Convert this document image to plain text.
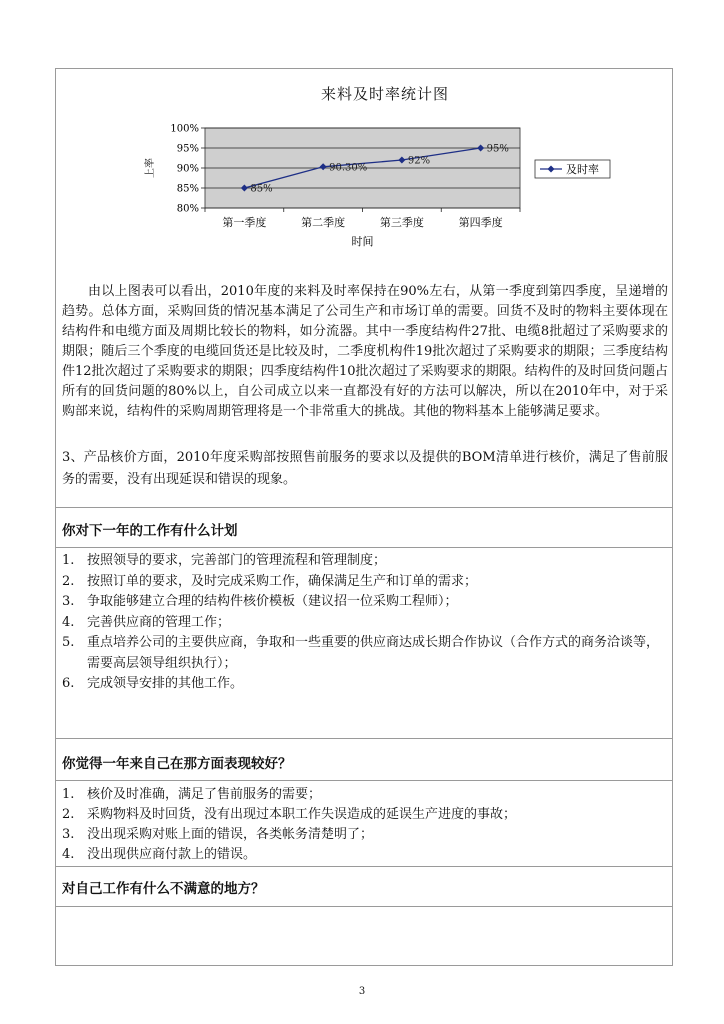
来料及时率统计图
100%
95%
90%
85%
80%
第一季度	第二季度	第三季度	第四季度
时间
上率
85%
90.30%
92%
95%
及时率

由以上图表可以看出，2010年度的来料及时率保持在90%左右，从第一季度到第四季度，呈递增的趋势。总体方面，采购回货的情况基本满足了公司生产和市场订单的需要。回货不及时的物料主要体现在结构件和电缆方面及周期比较长的物料，如分流器。其中一季度结构件27批、电缆8批超过了采购要求的期限；随后三个季度的电缆回货还是比较及时，二季度机构件19批次超过了采购要求的期限；三季度结构件12批次超过了采购要求的期限；四季度结构件10批次超过了采购要求的期限。结构件的及时回货问题占所有的回货问题的80%以上，自公司成立以来一直都没有好的方法可以解决，所以在2010年中，对于采购部来说，结构件的采购周期管理将是一个非常重大的挑战。其他的物料基本上能够满足要求。

3、产品核价方面，2010年度采购部按照售前服务的要求以及提供的BOM清单进行核价，满足了售前服务的需要，没有出现延误和错误的现象。

你对下一年的工作有什么计划
1. 按照领导的要求，完善部门的管理流程和管理制度；
2. 按照订单的要求，及时完成采购工作，确保满足生产和订单的需求；
3. 争取能够建立合理的结构件核价模板（建议招一位采购工程师）；
4. 完善供应商的管理工作；
5. 重点培养公司的主要供应商，争取和一些重要的供应商达成长期合作协议（合作方式的商务洽谈等，需要高层领导组织执行）；
6. 完成领导安排的其他工作。
你觉得一年来自己在那方面表现较好？
1. 核价及时准确，满足了售前服务的需要；
2. 采购物料及时回货，没有出现过本职工作失误造成的延误生产进度的事故；
3. 没出现采购对账上面的错误，各类帐务清楚明了；
4. 没出现供应商付款上的错误。
对自己工作有什么不满意的地方？
3
